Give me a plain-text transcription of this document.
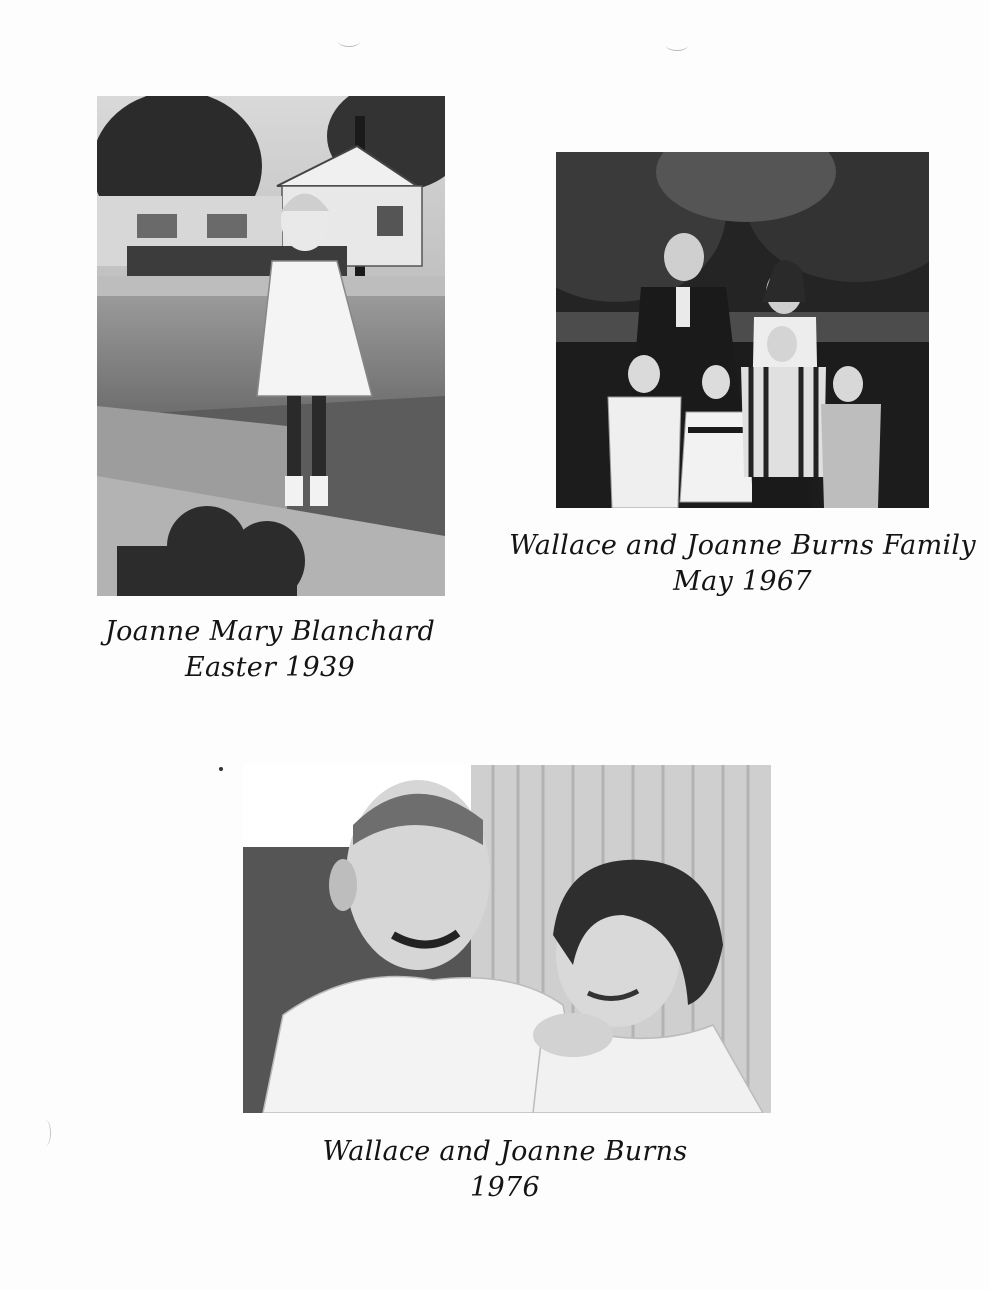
Joanne Mary Blanchard
Easter 1939
Wallace and Joanne Burns Family
May 1967
Wallace and Joanne Burns
1976
